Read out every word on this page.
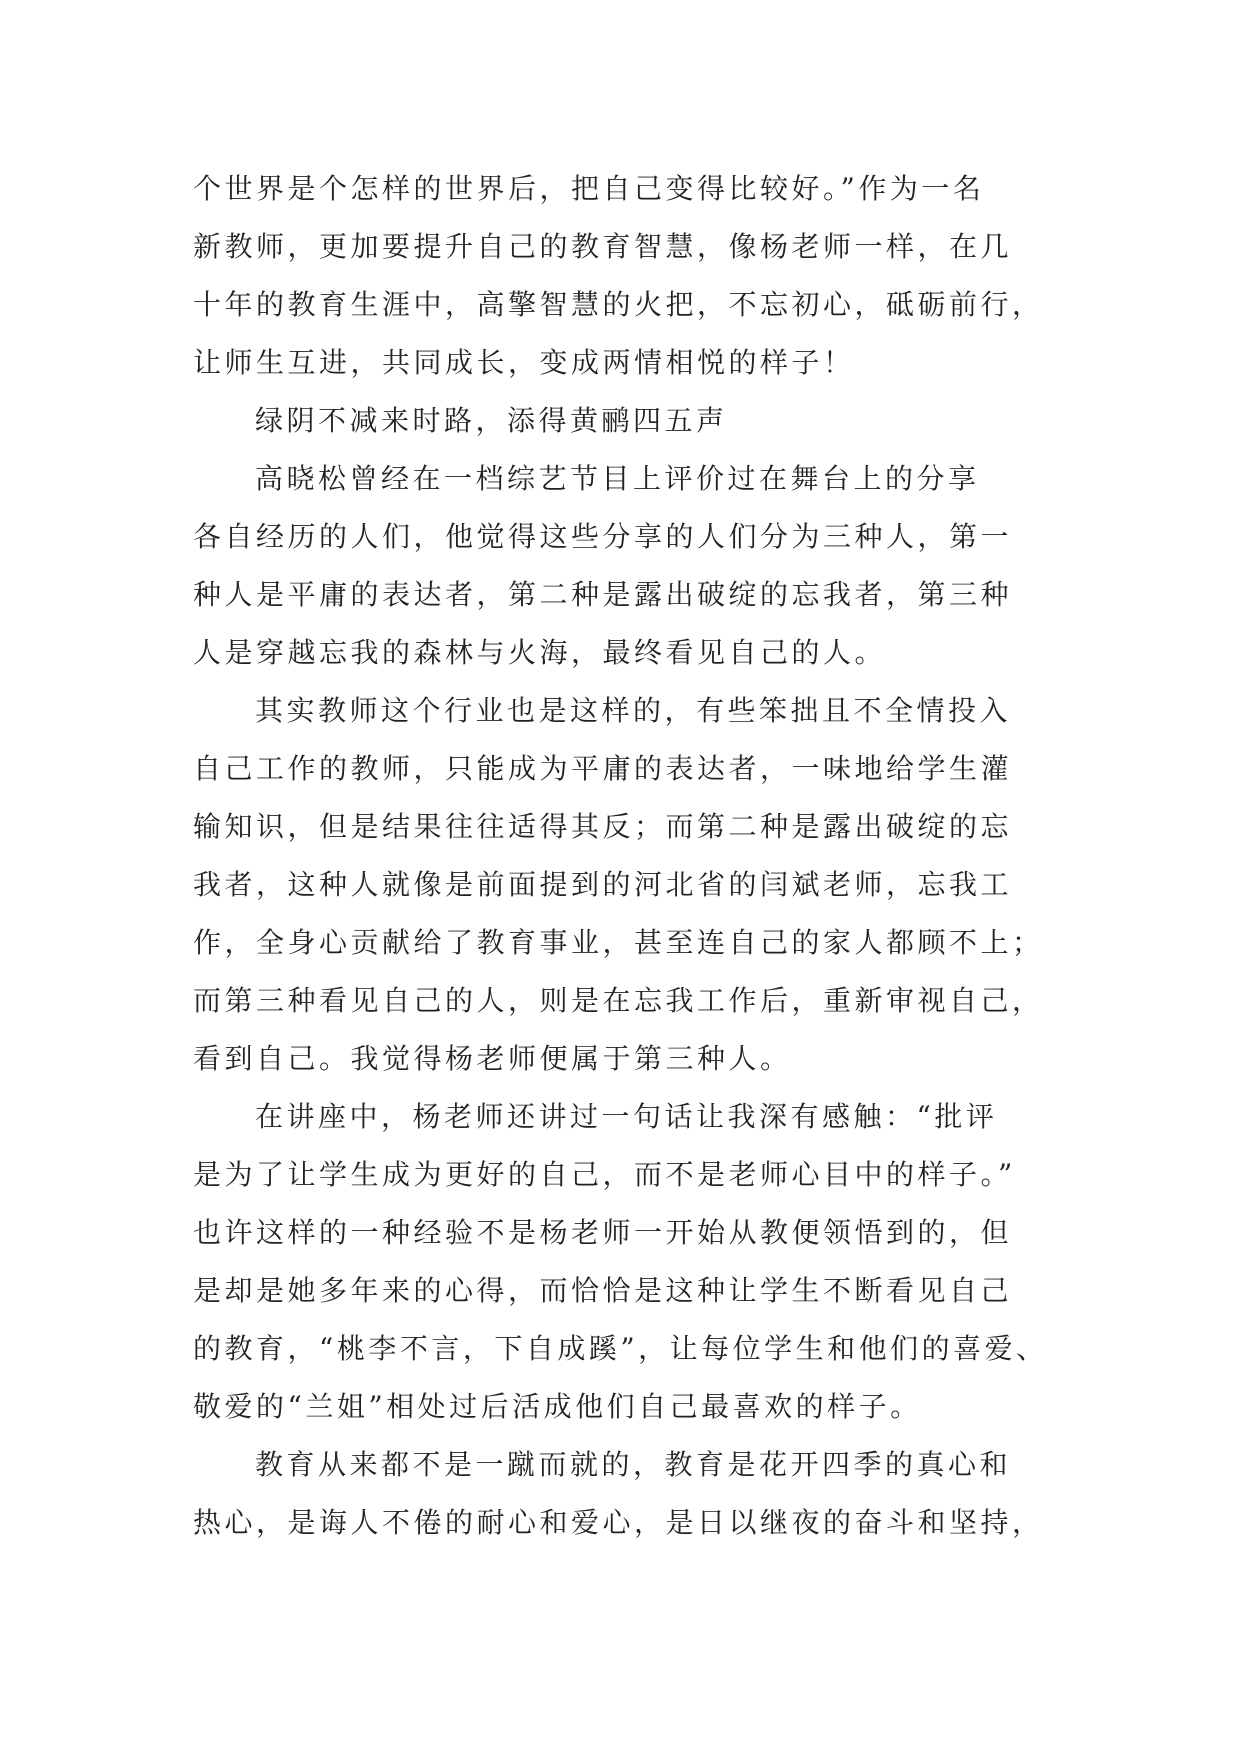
个世界是个怎样的世界后，把自己变得比较好。”作为一名
新教师，更加要提升自己的教育智慧，像杨老师一样，在几
十年的教育生涯中，高擎智慧的火把，不忘初心，砥砺前行，
让师生互进，共同成长，变成两情相悦的样子！
绿阴不减来时路，添得黄鹂四五声
高晓松曾经在一档综艺节目上评价过在舞台上的分享
各自经历的人们，他觉得这些分享的人们分为三种人，第一
种人是平庸的表达者，第二种是露出破绽的忘我者，第三种
人是穿越忘我的森林与火海，最终看见自己的人。
其实教师这个行业也是这样的，有些笨拙且不全情投入
自己工作的教师，只能成为平庸的表达者，一味地给学生灌
输知识，但是结果往往适得其反；而第二种是露出破绽的忘
我者，这种人就像是前面提到的河北省的闫斌老师，忘我工
作，全身心贡献给了教育事业，甚至连自己的家人都顾不上；
而第三种看见自己的人，则是在忘我工作后，重新审视自己，
看到自己。我觉得杨老师便属于第三种人。
在讲座中，杨老师还讲过一句话让我深有感触：“批评
是为了让学生成为更好的自己，而不是老师心目中的样子。”
也许这样的一种经验不是杨老师一开始从教便领悟到的，但
是却是她多年来的心得，而恰恰是这种让学生不断看见自己
的教育，“桃李不言，下自成蹊”，让每位学生和他们的喜爱、
敬爱的“兰姐”相处过后活成他们自己最喜欢的样子。
教育从来都不是一蹴而就的，教育是花开四季的真心和
热心，是诲人不倦的耐心和爱心，是日以继夜的奋斗和坚持，
